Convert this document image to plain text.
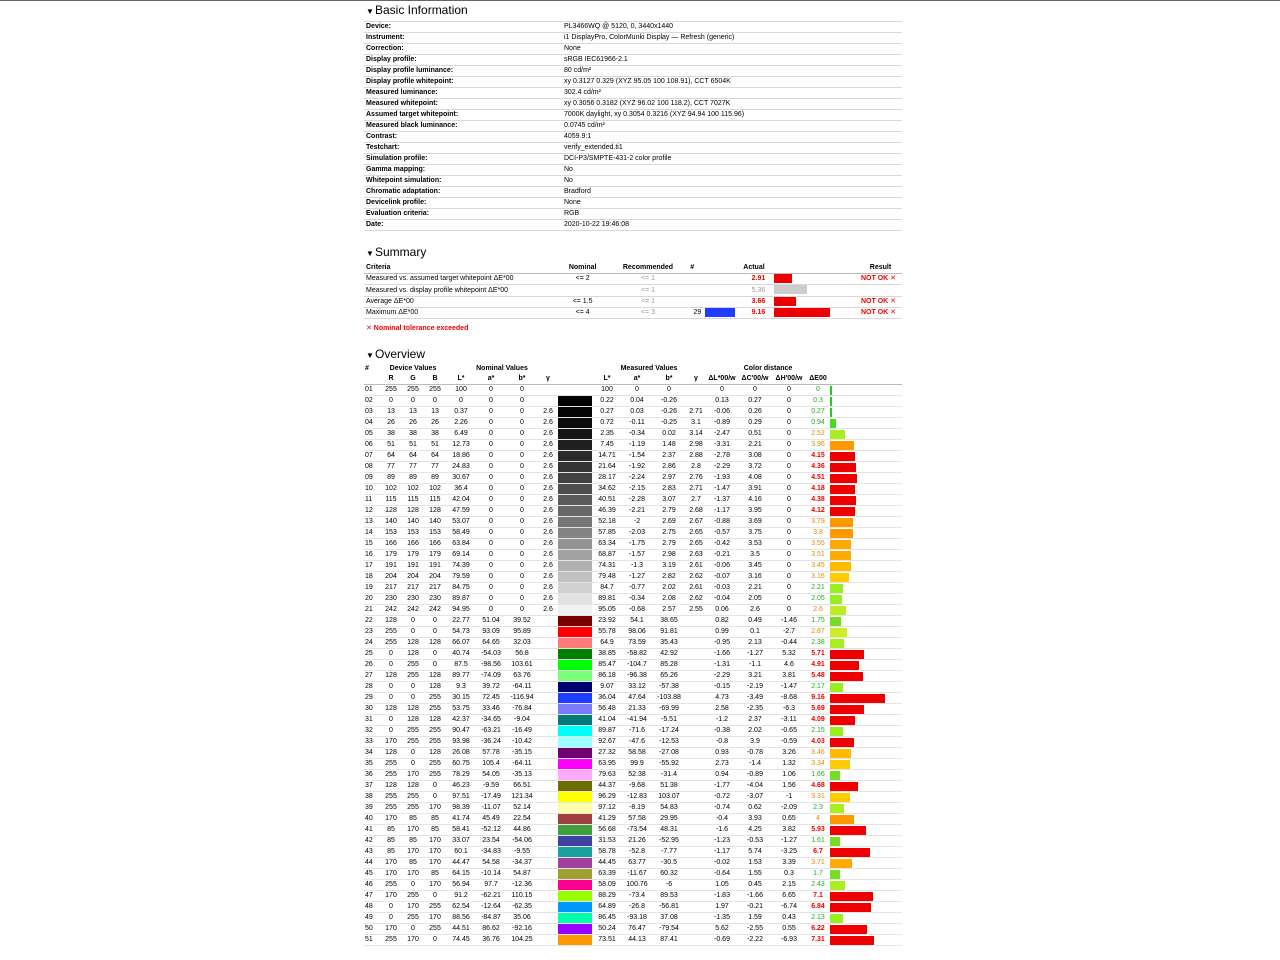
▼Basic Information
Device:	PL3466WQ @ 5120, 0, 3440x1440
Instrument:	i1 DisplayPro, ColorMunki Display — Refresh (generic)
Correction:	None
Display profile:	sRGB IEC61966-2.1
Display profile luminance:	80 cd/m²
Display profile whitepoint:	xy 0.3127 0.329 (XYZ 95.05 100 108.91), CCT 6504K
Measured luminance:	302.4 cd/m²
Measured whitepoint:	xy 0.3056 0.3182 (XYZ 96.02 100 118.2), CCT 7027K
Assumed target whitepoint:	7000K daylight, xy 0.3054 0.3216 (XYZ 94.94 100 115.96)
Measured black luminance:	0.0745 cd/m²
Contrast:	4059.9:1
Testchart:	verify_extended.ti1
Simulation profile:	DCI-P3/SMPTE-431-2 color profile
Gamma mapping:	No
Whitepoint simulation:	No
Chromatic adaptation:	Bradford
Devicelink profile:	None
Evaluation criteria:	RGB
Date:	2020-10-22 19:46:08
▼Summary
Criteria	Nominal	Recommended	#	Actual	Result
Measured vs. assumed target whitepoint ΔE*00	<= 2	<= 1		2.91	NOT OK ✕
Measured vs. display profile whitepoint ΔE*00		<= 1		5.36	
Average ΔE*00	<= 1.5	<= 1		3.66	NOT OK ✕
Maximum ΔE*00	<= 4	<= 3	29	9.16	NOT OK ✕
✕ Nominal tolerance exceeded
▼Overview
#	Device Values			Nominal Values					Measured Values				Color distance				
	R	G	B	L*	a*	b*	γ		L*	a*	b*	γ	ΔL*00/w	ΔC'00/w	ΔH'00/w	ΔE00	
01	255	255	255	100	0	0			100	0	0		0	0	0	0	

02	0	0	0	0	0	0			0.22	0.04	-0.26		0.13	0.27	0	0.3	

03	13	13	13	0.37	0	0	2.6		0.27	0.03	-0.26	2.71	-0.06	0.26	0	0.27	

04	26	26	26	2.26	0	0	2.6		0.72	-0.11	-0.25	3.1	-0.89	0.29	0	0.94	

05	38	38	38	6.49	0	0	2.6		2.35	-0.34	0.02	3.14	-2.47	0.51	0	2.52	

06	51	51	51	12.73	0	0	2.6		7.45	-1.19	1.48	2.98	-3.31	2.21	0	3.96	

07	64	64	64	18.86	0	0	2.6		14.71	-1.54	2.37	2.88	-2.78	3.08	0	4.15	

08	77	77	77	24.83	0	0	2.6		21.64	-1.92	2.86	2.8	-2.29	3.72	0	4.36	

09	89	89	89	30.67	0	0	2.6		28.17	-2.24	2.97	2.76	-1.93	4.08	0	4.51	

10	102	102	102	36.4	0	0	2.6		34.62	-2.15	2.83	2.71	-1.47	3.91	0	4.18	

11	115	115	115	42.04	0	0	2.6		40.51	-2.28	3.07	2.7	-1.37	4.16	0	4.38	

12	128	128	128	47.59	0	0	2.6		46.39	-2.21	2.79	2.68	-1.17	3.95	0	4.12	

13	140	140	140	53.07	0	0	2.6		52.18	-2	2.69	2.67	-0.88	3.69	0	3.79	

14	153	153	153	58.49	0	0	2.6		57.85	-2.03	2.75	2.65	-0.57	3.75	0	3.8	

15	166	166	166	63.84	0	0	2.6		63.34	-1.75	2.79	2.65	-0.42	3.53	0	3.55	

16	179	179	179	69.14	0	0	2.6		68.87	-1.57	2.98	2.63	-0.21	3.5	0	3.51	

17	191	191	191	74.39	0	0	2.6		74.31	-1.3	3.19	2.61	-0.06	3.45	0	3.45	

18	204	204	204	79.59	0	0	2.6		79.48	-1.27	2.82	2.62	-0.07	3.16	0	3.16	

19	217	217	217	84.75	0	0	2.6		84.7	-0.77	2.02	2.61	-0.03	2.21	0	2.21	

20	230	230	230	89.87	0	0	2.6		89.81	-0.34	2.08	2.62	-0.04	2.05	0	2.05	

21	242	242	242	94.95	0	0	2.6		95.05	-0.68	2.57	2.55	0.06	2.6	0	2.6	

22	128	0	0	22.77	51.04	39.52			23.92	54.1	38.65		0.82	0.49	-1.46	1.75	

23	255	0	0	54.73	93.09	95.89			55.78	98.06	91.81		0.99	0.1	-2.7	2.87	

24	255	128	128	66.07	64.65	32.03			64.9	73.59	35.43		-0.95	2.13	-0.44	2.38	

25	0	128	0	40.74	-54.03	56.8			38.85	-58.82	42.92		-1.66	-1.27	5.32	5.71	

26	0	255	0	87.5	-98.56	103.61			85.47	-104.7	85.28		-1.31	-1.1	4.6	4.91	

27	128	255	128	89.77	-74.09	63.76			86.18	-96.38	65.26		-2.29	3.21	3.81	5.48	

28	0	0	128	9.3	39.72	-64.11			9.07	33.12	-57.38		-0.15	-2.19	-1.47	2.17	

29	0	0	255	30.15	72.45	-116.94			36.04	47.64	-103.88		4.73	-3.49	-8.68	9.16	

30	128	128	255	53.75	33.46	-76.84			56.48	21.33	-69.99		2.58	-2.35	-6.3	5.69	

31	0	128	128	42.37	-34.65	-9.04			41.04	-41.94	-5.51		-1.2	2.37	-3.11	4.09	

32	0	255	255	90.47	-63.21	-16.49			89.87	-71.6	-17.24		-0.38	2.02	-0.65	2.15	

33	170	255	255	93.98	-36.24	-10.42			92.67	-47.6	-12.53		-0.8	3.9	-0.59	4.03	

34	128	0	128	26.08	57.78	-35.15			27.32	58.58	-27.08		0.93	-0.78	3.26	3.46	

35	255	0	255	60.75	105.4	-64.11			63.95	99.9	-55.92		2.73	-1.4	1.32	3.34	

36	255	170	255	78.29	54.05	-35.13			79.63	52.38	-31.4		0.94	-0.89	1.06	1.66	

37	128	128	0	46.23	-9.59	66.51			44.37	-9.68	51.38		-1.77	-4.04	1.56	4.68	

38	255	255	0	97.51	-17.49	121.34			96.29	-12.83	103.07		-0.72	-3.07	-1	3.31	

39	255	255	170	98.39	-11.07	52.14			97.12	-8.19	54.83		-0.74	0.62	-2.09	2.3	

40	170	85	85	41.74	45.49	22.54			41.29	57.58	29.95		-0.4	3.93	0.65	4	

41	85	170	85	58.41	-52.12	44.86			56.68	-73.54	48.31		-1.6	4.25	3.82	5.93	

42	85	85	170	33.07	23.54	-54.06			31.53	21.26	-52.95		-1.23	-0.53	-1.27	1.61	

43	85	170	170	60.1	-34.83	-9.55			58.78	-52.8	-7.77		-1.17	5.74	-3.25	6.7	

44	170	85	170	44.47	54.58	-34.37			44.45	63.77	-30.5		-0.02	1.53	3.39	3.71	

45	170	170	85	64.15	-10.14	54.87			63.39	-11.67	60.32		-0.64	1.55	0.3	1.7	

46	255	0	170	56.94	97.7	-12.36			58.09	100.76	-6		1.05	0.45	2.15	2.43	

47	170	255	0	91.2	-62.21	110.15			88.29	-73.4	89.53		-1.83	-1.66	6.65	7.1	

48	0	170	255	62.54	-12.64	-62.35			64.89	-26.8	-56.81		1.97	-0.21	-6.74	6.84	

49	0	255	170	88.56	-84.87	35.06			86.45	-93.18	37.08		-1.35	1.59	0.43	2.13	

50	170	0	255	44.51	86.62	-92.16			50.24	76.47	-79.54		5.62	-2.55	0.55	6.22	

51	255	170	0	74.45	36.76	104.25			73.51	44.13	87.41		-0.69	-2.22	-6.93	7.31	
